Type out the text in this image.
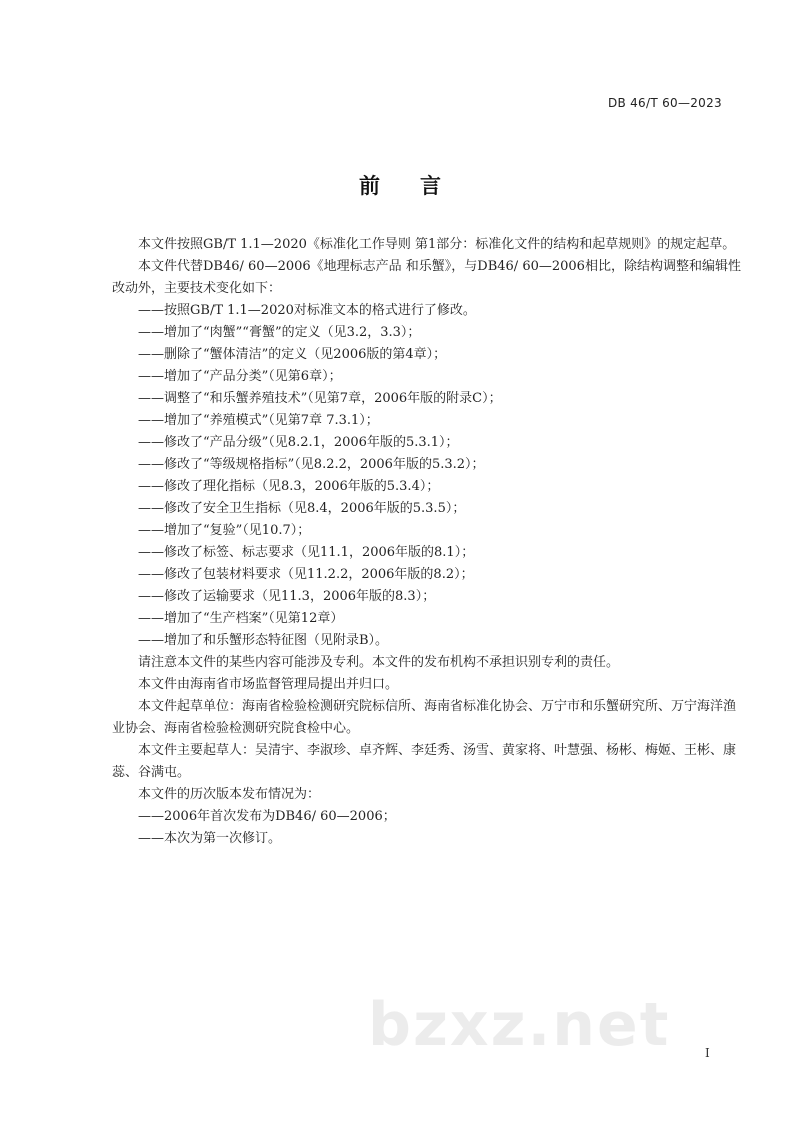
DB 46/T 60—2023
前 言

本文件按照GB/T 1.1—2020《标准化工作导则 第1部分：标准化文件的结构和起草规则》的规定起草。

本文件代替DB46/ 60—2006《地理标志产品 和乐蟹》，与DB46/ 60—2006相比，除结构调整和编辑性改动外，主要技术变化如下：

——按照GB/T 1.1—2020对标准文本的格式进行了修改。

——增加了“肉蟹”“膏蟹”的定义（见3.2，3.3）；

——删除了“蟹体清洁”的定义（见2006版的第4章）；

——增加了“产品分类”（见第6章）；

——调整了“和乐蟹养殖技术”（见第7章，2006年版的附录C）；

——增加了“养殖模式”（见第7章 7.3.1）；

——修改了“产品分级”（见8.2.1，2006年版的5.3.1）；

——修改了“等级规格指标”（见8.2.2，2006年版的5.3.2）；

——修改了理化指标（见8.3，2006年版的5.3.4）；

——修改了安全卫生指标（见8.4，2006年版的5.3.5）；

——增加了“复验”（见10.7）；

——修改了标签、标志要求（见11.1，2006年版的8.1）；

——修改了包装材料要求（见11.2.2，2006年版的8.2）；

——修改了运输要求（见11.3，2006年版的8.3）；

——增加了“生产档案”（见第12章）

——增加了和乐蟹形态特征图（见附录B）。

请注意本文件的某些内容可能涉及专利。本文件的发布机构不承担识别专利的责任。

本文件由海南省市场监督管理局提出并归口。

本文件起草单位：海南省检验检测研究院标信所、海南省标准化协会、万宁市和乐蟹研究所、万宁海洋渔业协会、海南省检验检测研究院食检中心。

本文件主要起草人：吴清宇、李淑珍、卓齐辉、李廷秀、汤雪、黄家将、叶慧强、杨彬、梅姬、王彬、康蕊、谷满屯。

本文件的历次版本发布情况为：

——2006年首次发布为DB46/ 60—2006；

——本次为第一次修订。

bzxz.net	I
